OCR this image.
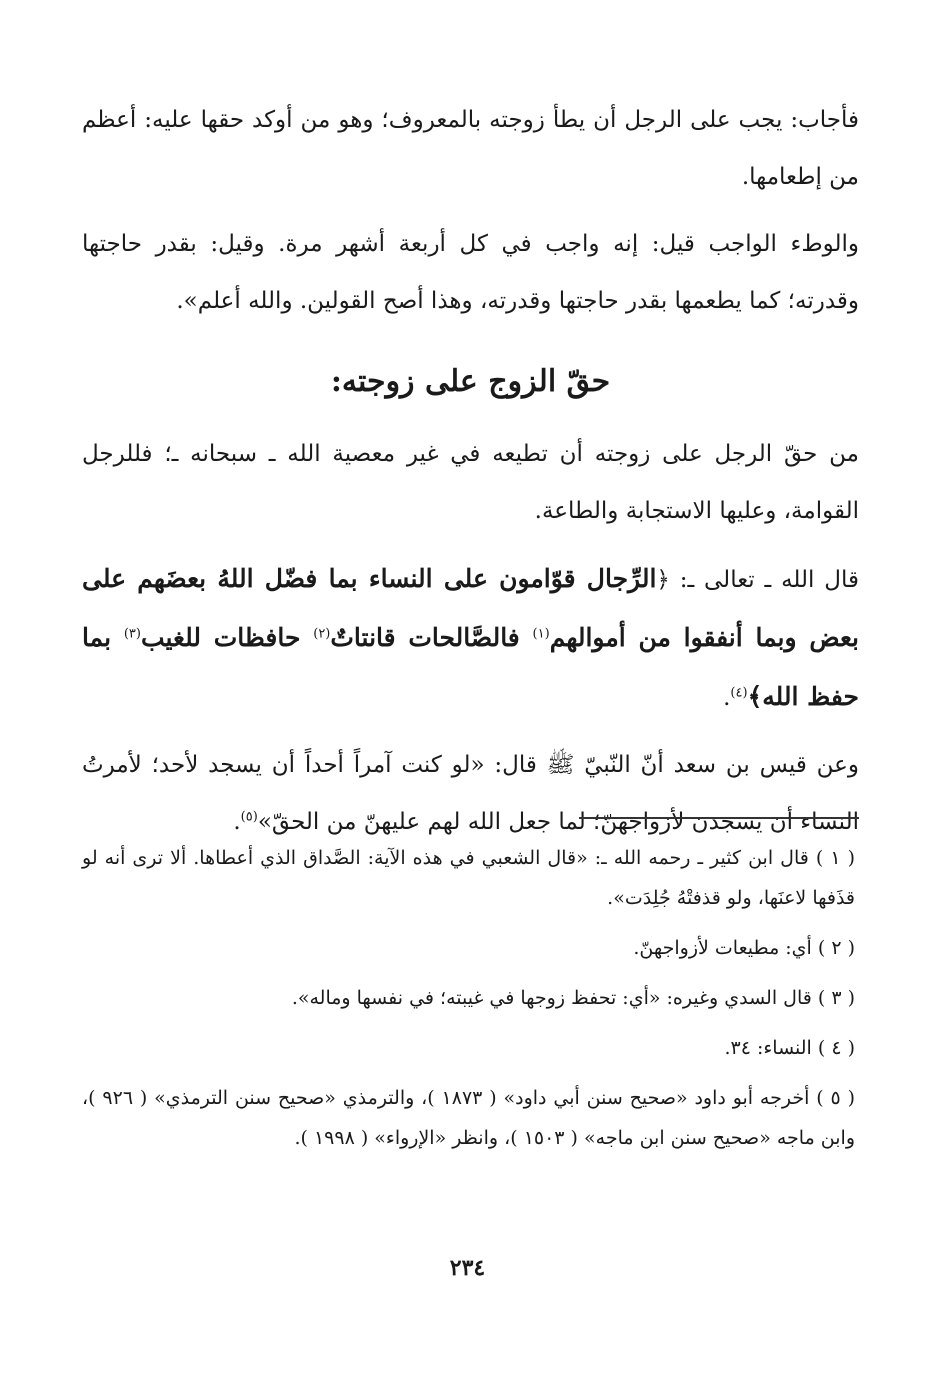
فأجاب: يجب على الرجل أن يطأ زوجته بالمعروف؛ وهو من أوكد حقها عليه: أعظم من إطعامها.

والوطء الواجب قيل: إنه واجب في كل أربعة أشهر مرة. وقيل: بقدر حاجتها وقدرته؛ كما يطعمها بقدر حاجتها وقدرته، وهذا أصح القولين. والله أعلم».

حقّ الزوج على زوجته:

من حقّ الرجل على زوجته أن تطيعه في غير معصية الله ـ سبحانه ـ؛ فللرجل القوامة، وعليها الاستجابة والطاعة.

قال الله ـ تعالى ـ: ﴿الرِّجال قوّامون على النساء بما فضّل اللهُ بعضَهم على بعض وبما أنفقوا من أموالهم$^{(١)}$ فالصَّالحات قانتاتٌ$^{(٢)}$ حافظات للغيب$^{(٣)}$ بما حفظ الله﴾$^{(٤)}$.

وعن قيس بن سعد أنّ النّبيّ ﷺ قال: «لو كنت آمراً أحداً أن يسجد لأحد؛ لأمرتُ النساء أن يسجدن لأزواجهنّ؛ لما جعل الله لهم عليهنّ من الحقّ»$^{(٥)}$.

( ١ ) قال ابن كثير ـ رحمه الله ـ: «قال الشعبي في هذه الآية: الصَّداق الذي أعطاها. ألا ترى أنه لو قذَفها لاعنَها، ولو قذفتْهُ جُلِدَت».

( ٢ ) أي: مطيعات لأزواجهنّ.

( ٣ ) قال السدي وغيره: «أي: تحفظ زوجها في غيبته؛ في نفسها وماله».

( ٤ ) النساء: ٣٤.

( ٥ ) أخرجه أبو داود «صحيح سنن أبي داود» ( ١٨٧٣ )، والترمذي «صحيح سنن الترمذي» ( ٩٢٦ )، وابن ماجه «صحيح سنن ابن ماجه» ( ١٥٠٣ )، وانظر «الإرواء» ( ١٩٩٨ ).

٢٣٤
